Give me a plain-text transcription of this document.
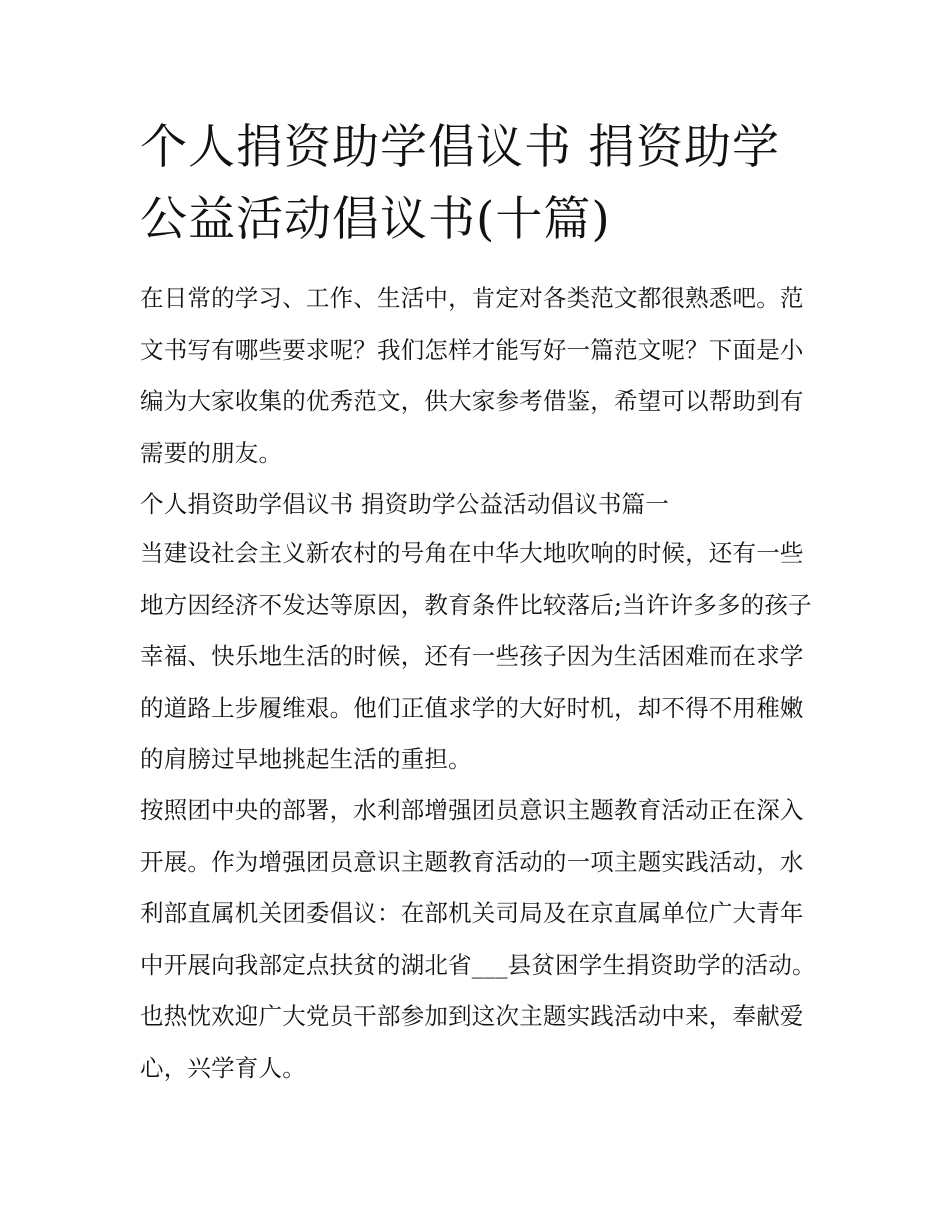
个人捐资助学倡议书 捐资助学公益活动倡议书(十篇)

在日常的学习、工作、生活中，肯定对各类范文都很熟悉吧。范文书写有哪些要求呢？我们怎样才能写好一篇范文呢？下面是小编为大家收集的优秀范文，供大家参考借鉴，希望可以帮助到有需要的朋友。

个人捐资助学倡议书 捐资助学公益活动倡议书篇一

当建设社会主义新农村的号角在中华大地吹响的时候，还有一些地方因经济不发达等原因，教育条件比较落后;当许许多多的孩子幸福、快乐地生活的时候，还有一些孩子因为生活困难而在求学的道路上步履维艰。他们正值求学的大好时机，却不得不用稚嫩的肩膀过早地挑起生活的重担。

按照团中央的部署，水利部增强团员意识主题教育活动正在深入开展。作为增强团员意识主题教育活动的一项主题实践活动，水利部直属机关团委倡议：在部机关司局及在京直属单位广大青年中开展向我部定点扶贫的湖北省___县贫困学生捐资助学的活动。也热忱欢迎广大党员干部参加到这次主题实践活动中来，奉献爱心，兴学育人。
